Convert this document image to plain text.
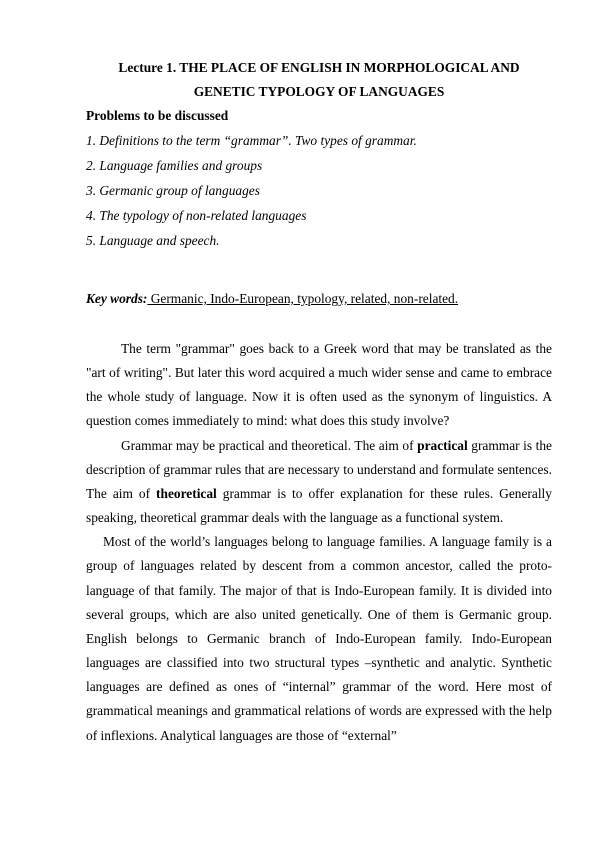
Lecture 1. THE PLACE OF ENGLISH IN MORPHOLOGICAL AND
GENETIC TYPOLOGY OF LANGUAGES
Problems to be discussed
1. Definitions to the term “grammar”. Two types of grammar.
2. Language families and groups
3. Germanic group of languages
4. The typology of non-related languages
5. Language and speech.
Key words: Germanic, Indo-European, typology, related, non-related.

The term "grammar" goes back to a Greek word that may be translated as the "art of writing". But later this word acquired a much wider sense and came to embrace the whole study of language. Now it is often used as the synonym of linguistics. A question comes immediately to mind: what does this study involve?

Grammar may be practical and theoretical. The aim of practical grammar is the description of grammar rules that are necessary to understand and formulate sentences. The aim of theoretical grammar is to offer explanation for these rules. Generally speaking, theoretical grammar deals with the language as a functional system.

Most of the world’s languages belong to language families. A language family is a group of languages related by descent from a common ancestor, called the proto-language of that family. The major of that is Indo-European family. It is divided into several groups, which are also united genetically. One of them is Germanic group. English belongs to Germanic branch of Indo-European family. Indo-European languages are classified into two structural types –synthetic and analytic. Synthetic languages are defined as ones of “internal” grammar of the word. Here most of grammatical meanings and grammatical relations of words are expressed with the help of inflexions. Analytical languages are those of “external”
